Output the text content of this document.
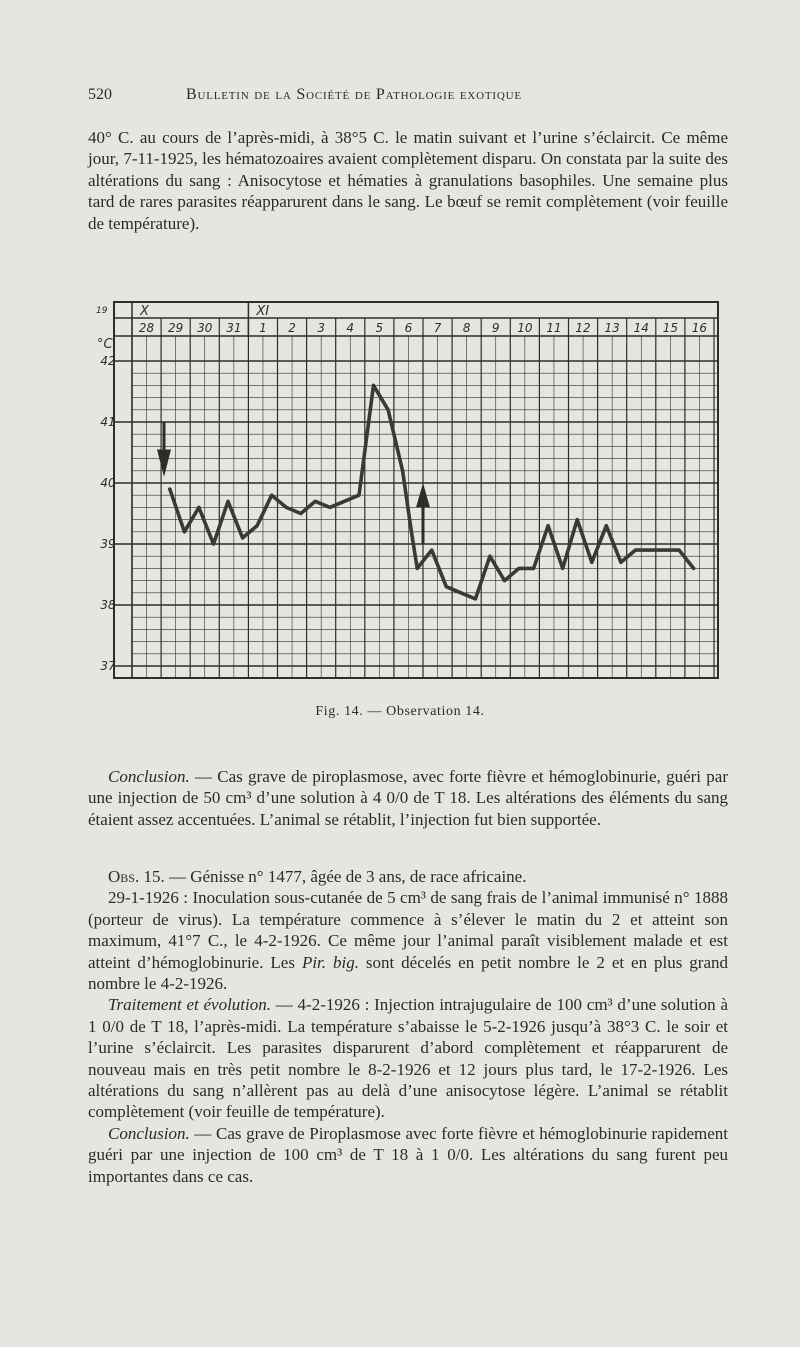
520	Bulletin de la Société de Pathologie exotique

40° C. au cours de l’après-midi, à 38°5 C. le matin suivant et l’urine s’éclaircit. Ce même jour, 7-11-1925, les hématozoaires avaient complètement disparu. On constata par la suite des altérations du sang : Anisocytose et hématies à granulations basophiles. Une semaine plus tard de rares parasites réapparurent dans le sang. Le bœuf se remit complètement (voir feuille de température).

19
°C
42
41
40
39
38
37
X	XI
28 29 30 31 1 2 3 4 5 6 7 8 9 10 11 12 13 14 15 16
Fig. 14. — Observation 14.

Conclusion. — Cas grave de piroplasmose, avec forte fièvre et hémoglobinurie, guéri par une injection de 50 cm³ d’une solution à 4 0/0 de T 18. Les altérations des éléments du sang étaient assez accentuées. L’animal se rétablit, l’injection fut bien supportée.

Obs. 15. — Génisse n° 1477, âgée de 3 ans, de race africaine.

29-1-1926 : Inoculation sous-cutanée de 5 cm³ de sang frais de l’animal immunisé n° 1888 (porteur de virus). La température commence à s’élever le matin du 2 et atteint son maximum, 41°7 C., le 4-2-1926. Ce même jour l’animal paraît visiblement malade et est atteint d’hémoglobinurie. Les Pir. big. sont décelés en petit nombre le 2 et en plus grand nombre le 4-2-1926.

Traitement et évolution. — 4-2-1926 : Injection intrajugulaire de 100 cm³ d’une solution à 1 0/0 de T 18, l’après-midi. La température s’abaisse le 5-2-1926 jusqu’à 38°3 C. le soir et l’urine s’éclaircit. Les parasites disparurent d’abord complètement et réapparurent de nouveau mais en très petit nombre le 8-2-1926 et 12 jours plus tard, le 17-2-1926. Les altérations du sang n’allèrent pas au delà d’une anisocytose légère. L’animal se rétablit complètement (voir feuille de température).

Conclusion. — Cas grave de Piroplasmose avec forte fièvre et hémoglobinurie rapidement guéri par une injection de 100 cm³ de T 18 à 1 0/0. Les altérations du sang furent peu importantes dans ce cas.
